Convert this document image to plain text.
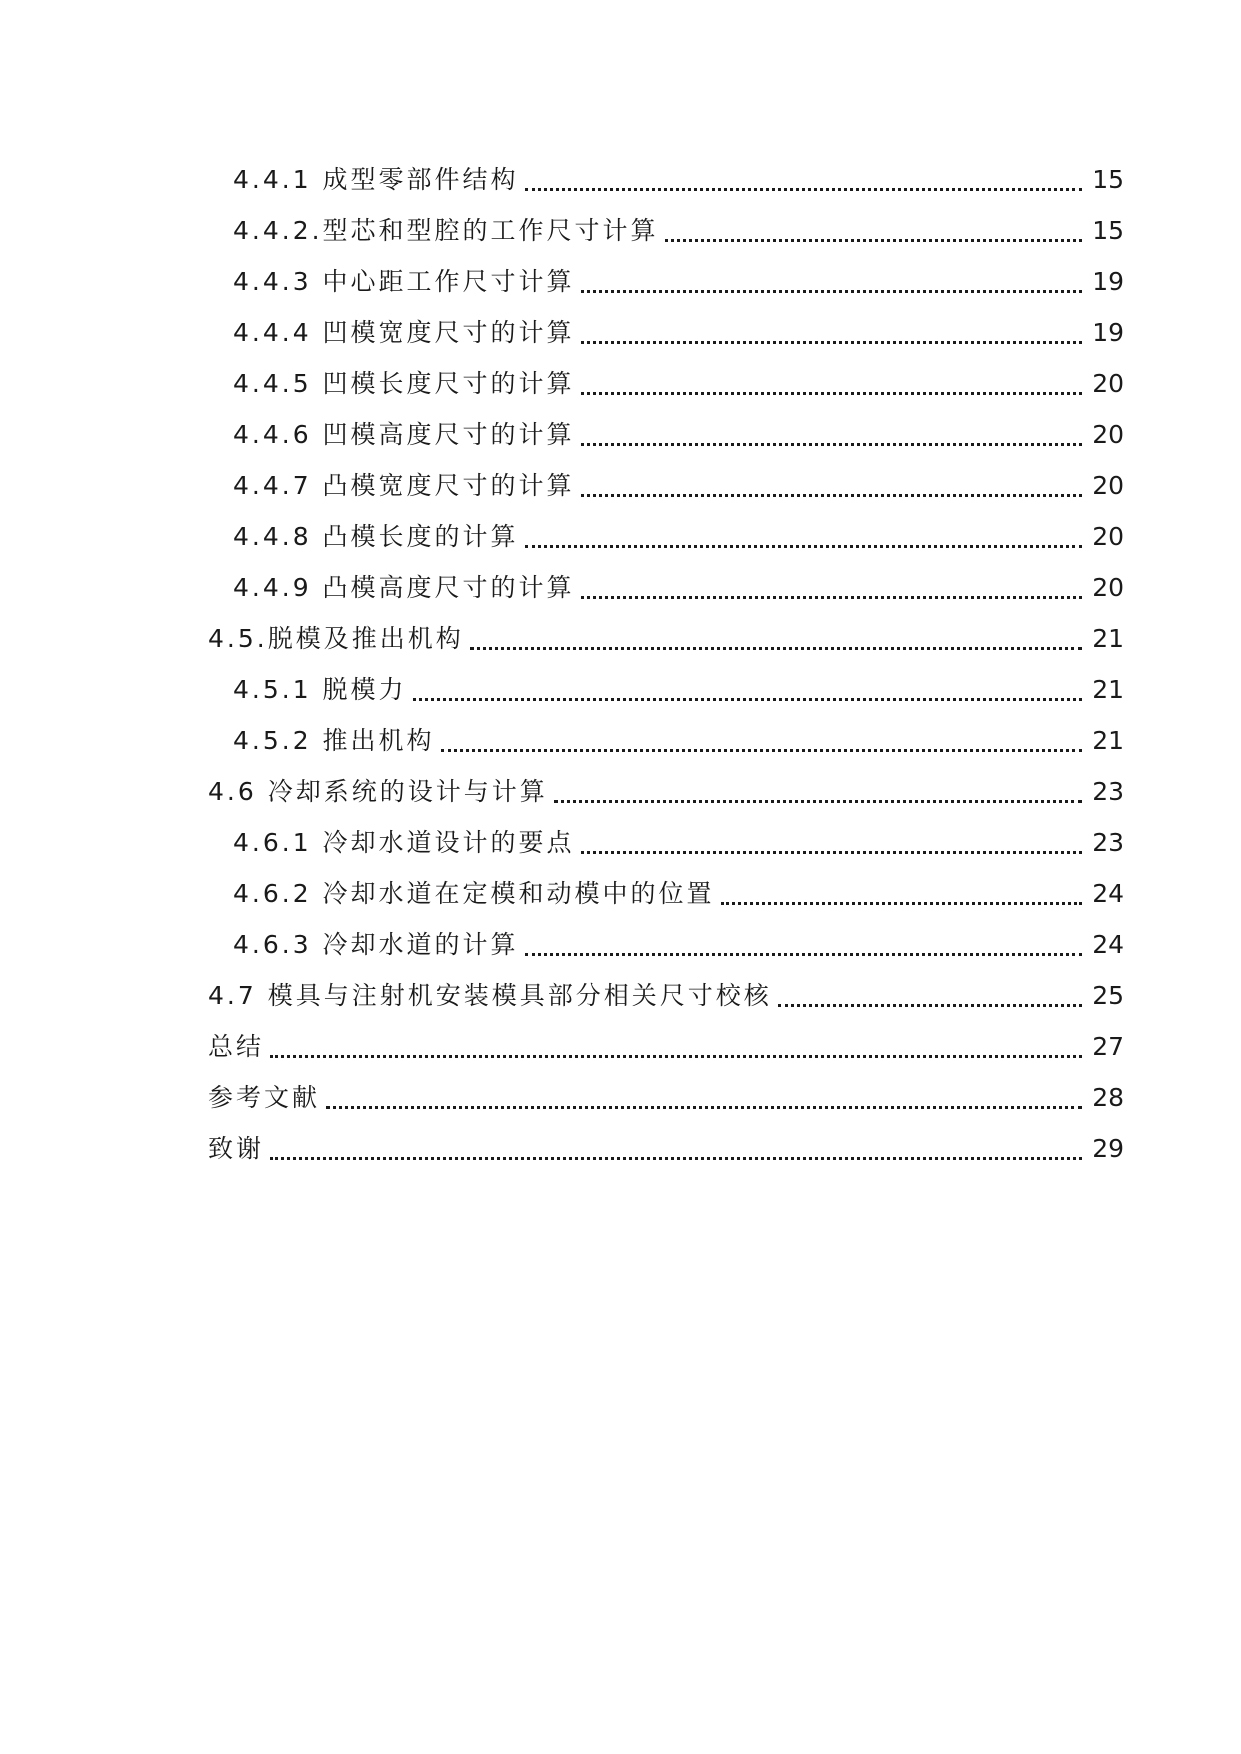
4.4.1 成型零部件结构	15
4.4.2.型芯和型腔的工作尺寸计算	15
4.4.3 中心距工作尺寸计算	19
4.4.4 凹模宽度尺寸的计算	19
4.4.5 凹模长度尺寸的计算	20
4.4.6 凹模高度尺寸的计算	20
4.4.7 凸模宽度尺寸的计算	20
4.4.8 凸模长度的计算	20
4.4.9 凸模高度尺寸的计算	20
4.5.脱模及推出机构	21
4.5.1 脱模力	21
4.5.2 推出机构	21
4.6 冷却系统的设计与计算	23
4.6.1 冷却水道设计的要点	23
4.6.2 冷却水道在定模和动模中的位置	24
4.6.3 冷却水道的计算	24
4.7 模具与注射机安装模具部分相关尺寸校核	25
总结	27
参考文献	28
致谢	29
